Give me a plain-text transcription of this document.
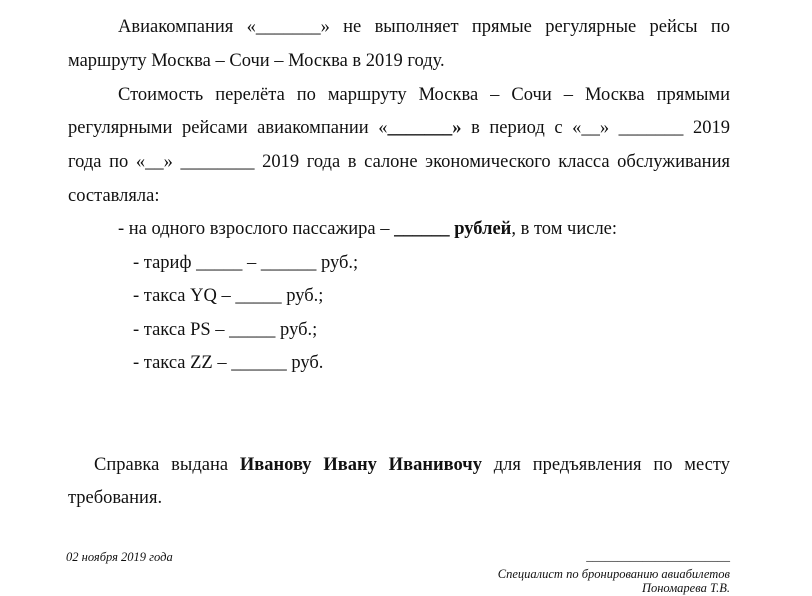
Авиакомпания «_______» не выполняет прямые регулярные рейсы по
маршруту Москва – Сочи – Москва в 2019 году.
Стоимость перелёта по маршруту Москва – Сочи – Москва прямыми
регулярными рейсами авиакомпании «_______» в период с «__» _______ 2019
года по «__» ________ 2019 года в салоне экономического класса обслуживания
составляла:
- на одного взрослого пассажира – ______ рублей, в том числе:
- тариф _____ – ______ руб.;
- такса YQ – _____ руб.;
- такса PS – _____ руб.;
- такса ZZ – ______ руб.
Справка выдана Иванову Ивану Иванивочу для предъявления по месту
требования.
02 ноября 2019 года	_______________________
Специалист по бронированию авиабилетов
Пономарева Т.В.
